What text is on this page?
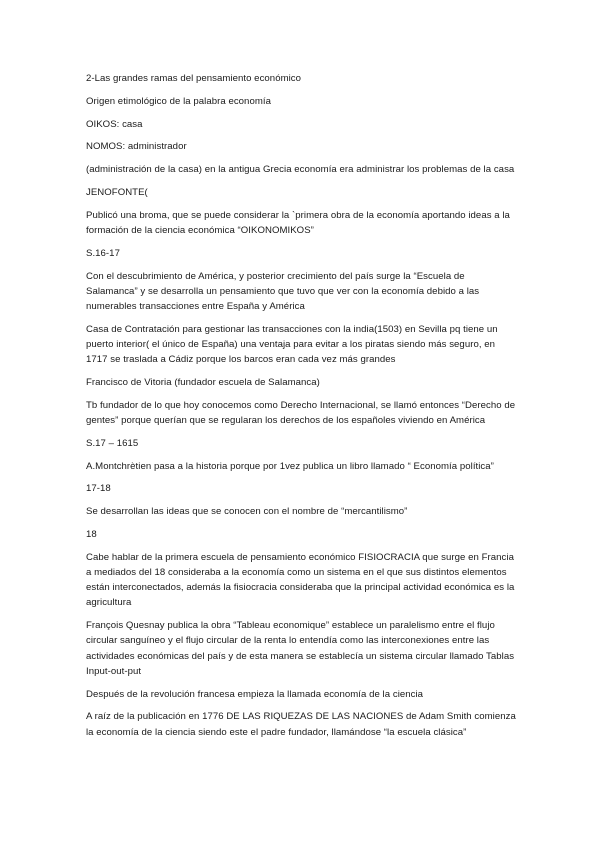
2-Las grandes ramas del pensamiento económico

Origen etimológico de la palabra economía

OIKOS: casa

NOMOS: administrador

(administración de la casa) en la antigua Grecia economía era administrar los problemas de la casa

JENOFONTE(

Publicó una broma, que se puede considerar la `primera obra de la economía aportando ideas a la formación de la ciencia económica “OIKONOMIKOS”

S.16-17

Con el descubrimiento de América, y posterior crecimiento del país surge la “Escuela de Salamanca” y se desarrolla un pensamiento que tuvo que ver con la economía debido a las numerables transacciones entre España y América

Casa de Contratación para gestionar las transacciones con la india(1503) en Sevilla pq tiene un puerto interior( el único de España) una ventaja para evitar a los piratas siendo más seguro, en 1717 se traslada a Cádiz porque los barcos eran cada vez más grandes

Francisco de Vitoria (fundador escuela de Salamanca)

Tb fundador de lo que hoy conocemos como Derecho Internacional, se llamó entonces “Derecho de gentes” porque querían que se regularan los derechos de los españoles viviendo en América

S.17 – 1615

A.Montchrètien pasa a la historia porque por 1vez publica un libro llamado “ Economía política”

17-18

Se desarrollan las ideas que se conocen con el nombre de “mercantilismo”

18

Cabe hablar de la primera escuela de pensamiento económico FISIOCRACIA que surge en Francia a mediados del 18 consideraba a la economía como un sistema en el que sus distintos elementos están interconectados, además la fisiocracia consideraba que la principal actividad económica es la agricultura

François Quesnay publica la obra “Tableau economique” establece un paralelismo entre el flujo circular sanguíneo y el flujo circular de la renta lo entendía como las interconexiones entre las actividades económicas del país y de esta manera se establecía un sistema circular llamado Tablas Input-out-put

Después de la revolución francesa empieza la llamada economía de la ciencia

A raíz de la publicación en 1776 DE LAS RIQUEZAS DE LAS NACIONES de Adam Smith comienza la economía de la ciencia siendo este el padre fundador, llamándose “la escuela clásica”
